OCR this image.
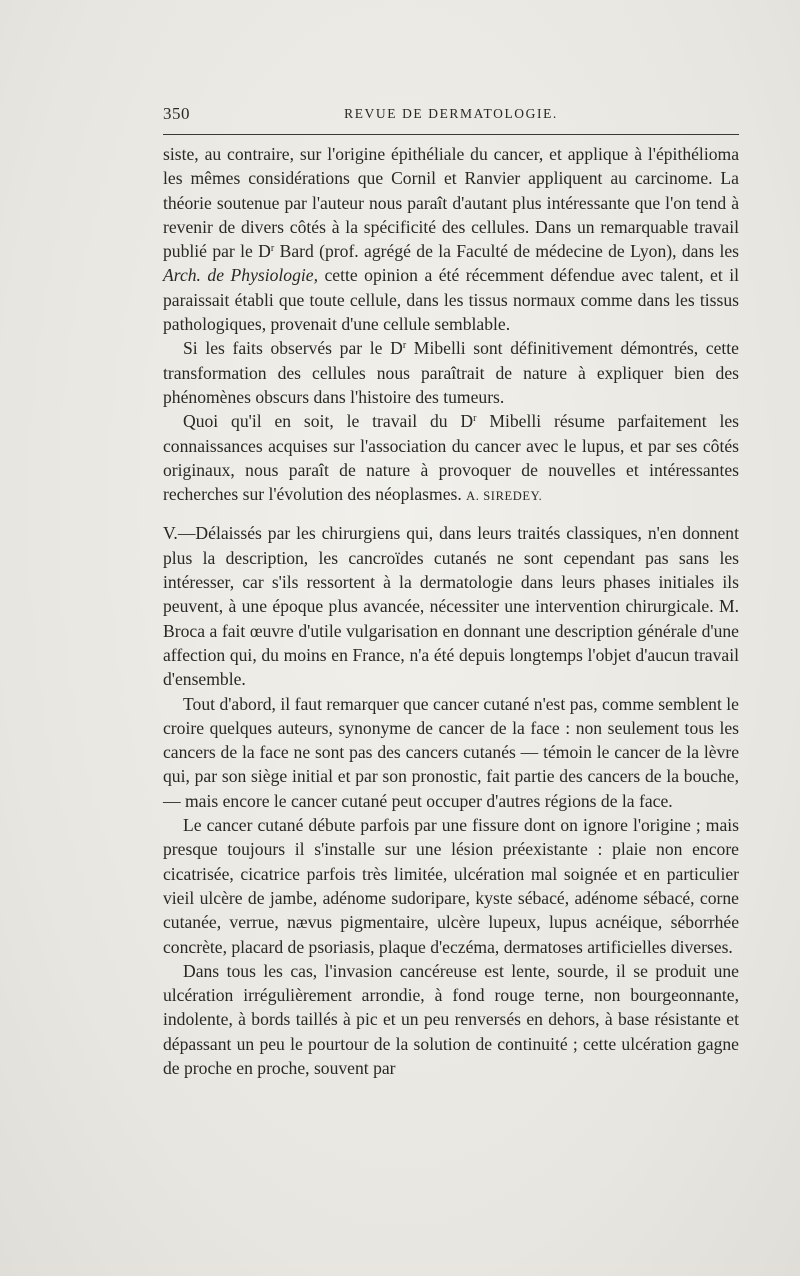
350	REVUE DE DERMATOLOGIE.

siste, au contraire, sur l'origine épithéliale du cancer, et applique à l'épithélioma les mêmes considérations que Cornil et Ranvier appliquent au carcinome. La théorie soutenue par l'auteur nous paraît d'autant plus intéressante que l'on tend à revenir de divers côtés à la spécificité des cellules. Dans un remarquable travail publié par le $D^r$ Bard (prof. agrégé de la Faculté de médecine de Lyon), dans les Arch. de Physiologie, cette opinion a été récemment défendue avec talent, et il paraissait établi que toute cellule, dans les tissus normaux comme dans les tissus pathologiques, provenait d'une cellule semblable.

Si les faits observés par le $D^r$ Mibelli sont définitivement démontrés, cette transformation des cellules nous paraîtrait de nature à expliquer bien des phénomènes obscurs dans l'histoire des tumeurs.

Quoi qu'il en soit, le travail du $D^r$ Mibelli résume parfaitement les connaissances acquises sur l'association du cancer avec le lupus, et par ses côtés originaux, nous paraît de nature à provoquer de nouvelles et intéressantes recherches sur l'évolution des néoplasmes. A. SIREDEY.

V.—Délaissés par les chirurgiens qui, dans leurs traités classiques, n'en donnent plus la description, les cancroïdes cutanés ne sont cependant pas sans les intéresser, car s'ils ressortent à la dermatologie dans leurs phases initiales ils peuvent, à une époque plus avancée, nécessiter une intervention chirurgicale. M. Broca a fait œuvre d'utile vulgarisation en donnant une description générale d'une affection qui, du moins en France, n'a été depuis longtemps l'objet d'aucun travail d'ensemble.

Tout d'abord, il faut remarquer que cancer cutané n'est pas, comme semblent le croire quelques auteurs, synonyme de cancer de la face : non seulement tous les cancers de la face ne sont pas des cancers cutanés — témoin le cancer de la lèvre qui, par son siège initial et par son pronostic, fait partie des cancers de la bouche, — mais encore le cancer cutané peut occuper d'autres régions de la face.

Le cancer cutané débute parfois par une fissure dont on ignore l'origine ; mais presque toujours il s'installe sur une lésion préexistante : plaie non encore cicatrisée, cicatrice parfois très limitée, ulcération mal soignée et en particulier vieil ulcère de jambe, adénome sudoripare, kyste sébacé, adénome sébacé, corne cutanée, verrue, nævus pigmentaire, ulcère lupeux, lupus acnéique, séborrhée concrète, placard de psoriasis, plaque d'eczéma, dermatoses artificielles diverses.

Dans tous les cas, l'invasion cancéreuse est lente, sourde, il se produit une ulcération irrégulièrement arrondie, à fond rouge terne, non bourgeonnante, indolente, à bords taillés à pic et un peu renversés en dehors, à base résistante et dépassant un peu le pourtour de la solution de continuité ; cette ulcération gagne de proche en proche, souvent par
